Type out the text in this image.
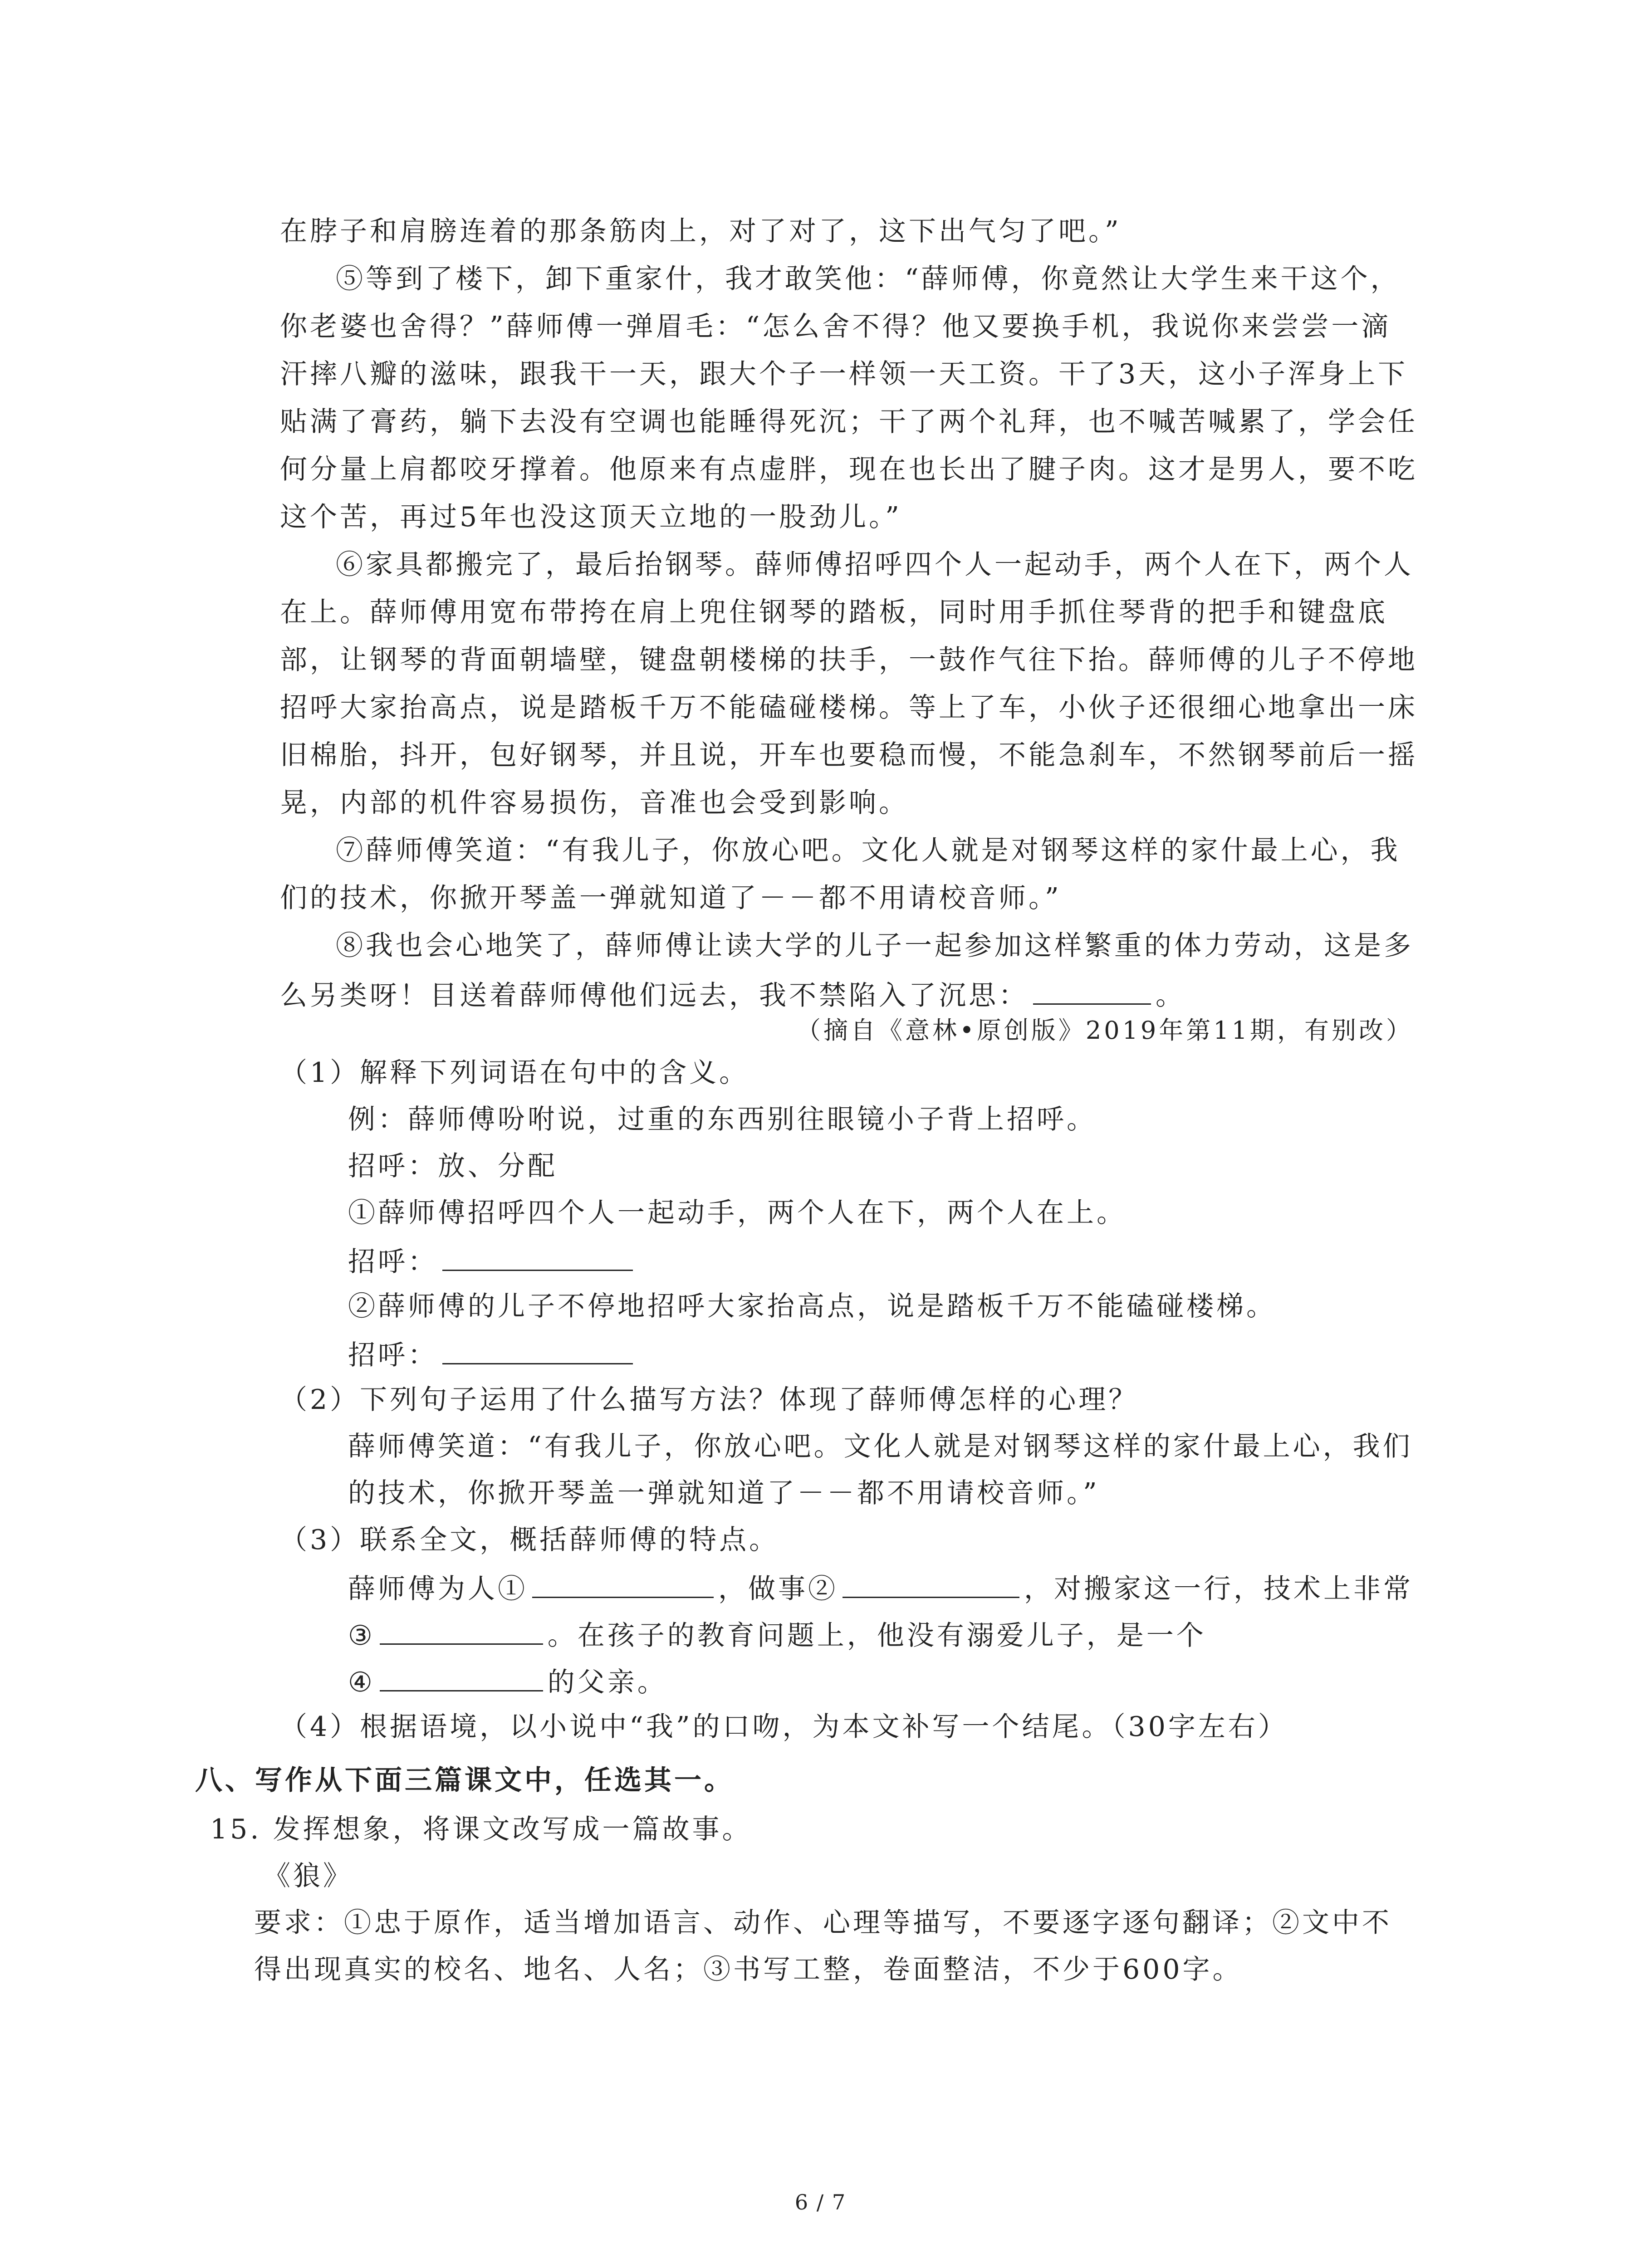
在脖子和肩膀连着的那条筋肉上，对了对了，这下出气匀了吧。”
⑤等到了楼下，卸下重家什，我才敢笑他：“薛师傅，你竟然让大学生来干这个，
你老婆也舍得？”薛师傅一弹眉毛：“怎么舍不得？他又要换手机，我说你来尝尝一滴
汗摔八瓣的滋味，跟我干一天，跟大个子一样领一天工资。干了3天，这小子浑身上下
贴满了膏药，躺下去没有空调也能睡得死沉；干了两个礼拜，也不喊苦喊累了，学会任
何分量上肩都咬牙撑着。他原来有点虚胖，现在也长出了腱子肉。这才是男人，要不吃
这个苦，再过5年也没这顶天立地的一股劲儿。”
⑥家具都搬完了，最后抬钢琴。薛师傅招呼四个人一起动手，两个人在下，两个人
在上。薛师傅用宽布带挎在肩上兜住钢琴的踏板，同时用手抓住琴背的把手和键盘底
部，让钢琴的背面朝墙壁，键盘朝楼梯的扶手，一鼓作气往下抬。薛师傅的儿子不停地
招呼大家抬高点，说是踏板千万不能磕碰楼梯。等上了车，小伙子还很细心地拿出一床
旧棉胎，抖开，包好钢琴，并且说，开车也要稳而慢，不能急刹车，不然钢琴前后一摇
晃，内部的机件容易损伤，音准也会受到影响。
⑦薛师傅笑道：“有我儿子，你放心吧。文化人就是对钢琴这样的家什最上心，我
们的技术，你掀开琴盖一弹就知道了－－都不用请校音师。”
⑧我也会心地笑了，薛师傅让读大学的儿子一起参加这样繁重的体力劳动，这是多
么另类呀！目送着薛师傅他们远去，我不禁陷入了沉思：	。
（摘自《意林•原创版》2019年第11期，有别改）
（1）解释下列词语在句中的含义。
例：薛师傅吩咐说，过重的东西别往眼镜小子背上招呼。
招呼：放、分配
①薛师傅招呼四个人一起动手，两个人在下，两个人在上。
招呼：
②薛师傅的儿子不停地招呼大家抬高点，说是踏板千万不能磕碰楼梯。
招呼：
（2）下列句子运用了什么描写方法？体现了薛师傅怎样的心理？
薛师傅笑道：“有我儿子，你放心吧。文化人就是对钢琴这样的家什最上心，我们
的技术，你掀开琴盖一弹就知道了－－都不用请校音师。”
（3）联系全文，概括薛师傅的特点。
薛师傅为人①	，做事②	，对搬家这一行，技术上非常
③	。在孩子的教育问题上，他没有溺爱儿子，是一个
④	的父亲。
（4）根据语境，以小说中“我”的口吻，为本文补写一个结尾。（30字左右）
八、写作从下面三篇课文中，任选其一。
15. 发挥想象，将课文改写成一篇故事。
《狼》
要求：①忠于原作，适当增加语言、动作、心理等描写，不要逐字逐句翻译；②文中不
得出现真实的校名、地名、人名；③书写工整，卷面整洁，不少于600字。
6 / 7
